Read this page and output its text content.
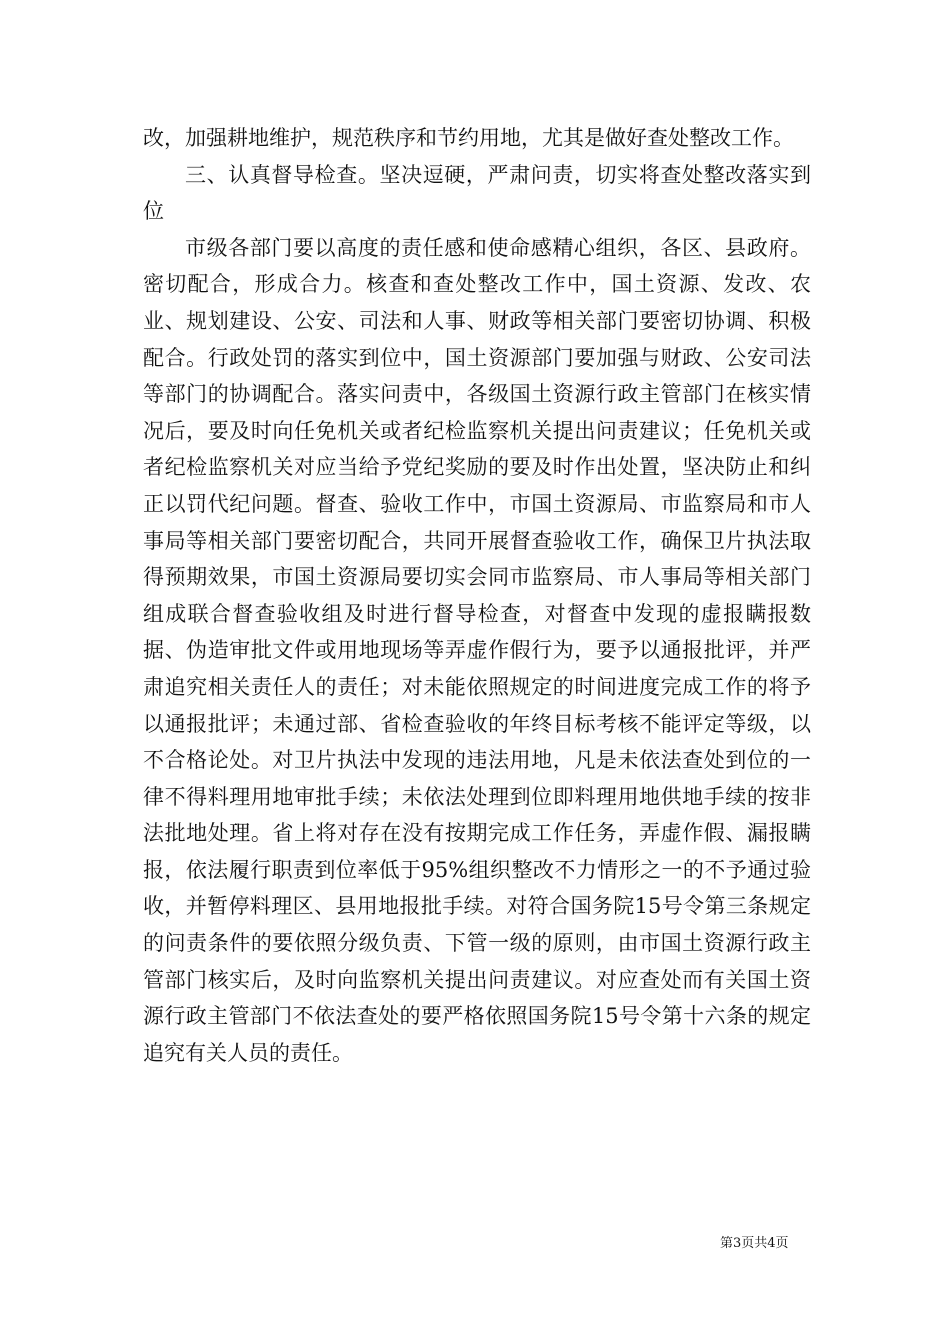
改，加强耕地维护，规范秩序和节约用地，尤其是做好查处整改工作。

三、认真督导检查。坚决逗硬，严肃问责，切实将查处整改落实到位

市级各部门要以高度的责任感和使命感精心组织，各区、县政府。密切配合，形成合力。核查和查处整改工作中，国土资源、发改、农业、规划建设、公安、司法和人事、财政等相关部门要密切协调、积极配合。行政处罚的落实到位中，国土资源部门要加强与财政、公安司法等部门的协调配合。落实问责中，各级国土资源行政主管部门在核实情况后，要及时向任免机关或者纪检监察机关提出问责建议；任免机关或者纪检监察机关对应当给予党纪奖励的要及时作出处置，坚决防止和纠正以罚代纪问题。督查、验收工作中，市国土资源局、市监察局和市人事局等相关部门要密切配合，共同开展督查验收工作，确保卫片执法取得预期效果，市国土资源局要切实会同市监察局、市人事局等相关部门组成联合督查验收组及时进行督导检查，对督查中发现的虚报瞒报数据、伪造审批文件或用地现场等弄虚作假行为，要予以通报批评，并严肃追究相关责任人的责任；对未能依照规定的时间进度完成工作的将予以通报批评；未通过部、省检查验收的年终目标考核不能评定等级，以不合格论处。对卫片执法中发现的违法用地，凡是未依法查处到位的一律不得料理用地审批手续；未依法处理到位即料理用地供地手续的按非法批地处理。省上将对存在没有按期完成工作任务，弄虚作假、漏报瞒报，依法履行职责到位率低于95%组织整改不力情形之一的不予通过验收，并暂停料理区、县用地报批手续。对符合国务院15号令第三条规定的问责条件的要依照分级负责、下管一级的原则，由市国土资源行政主管部门核实后，及时向监察机关提出问责建议。对应查处而有关国土资源行政主管部门不依法查处的要严格依照国务院15号令第十六条的规定追究有关人员的责任。

第3页共4页
